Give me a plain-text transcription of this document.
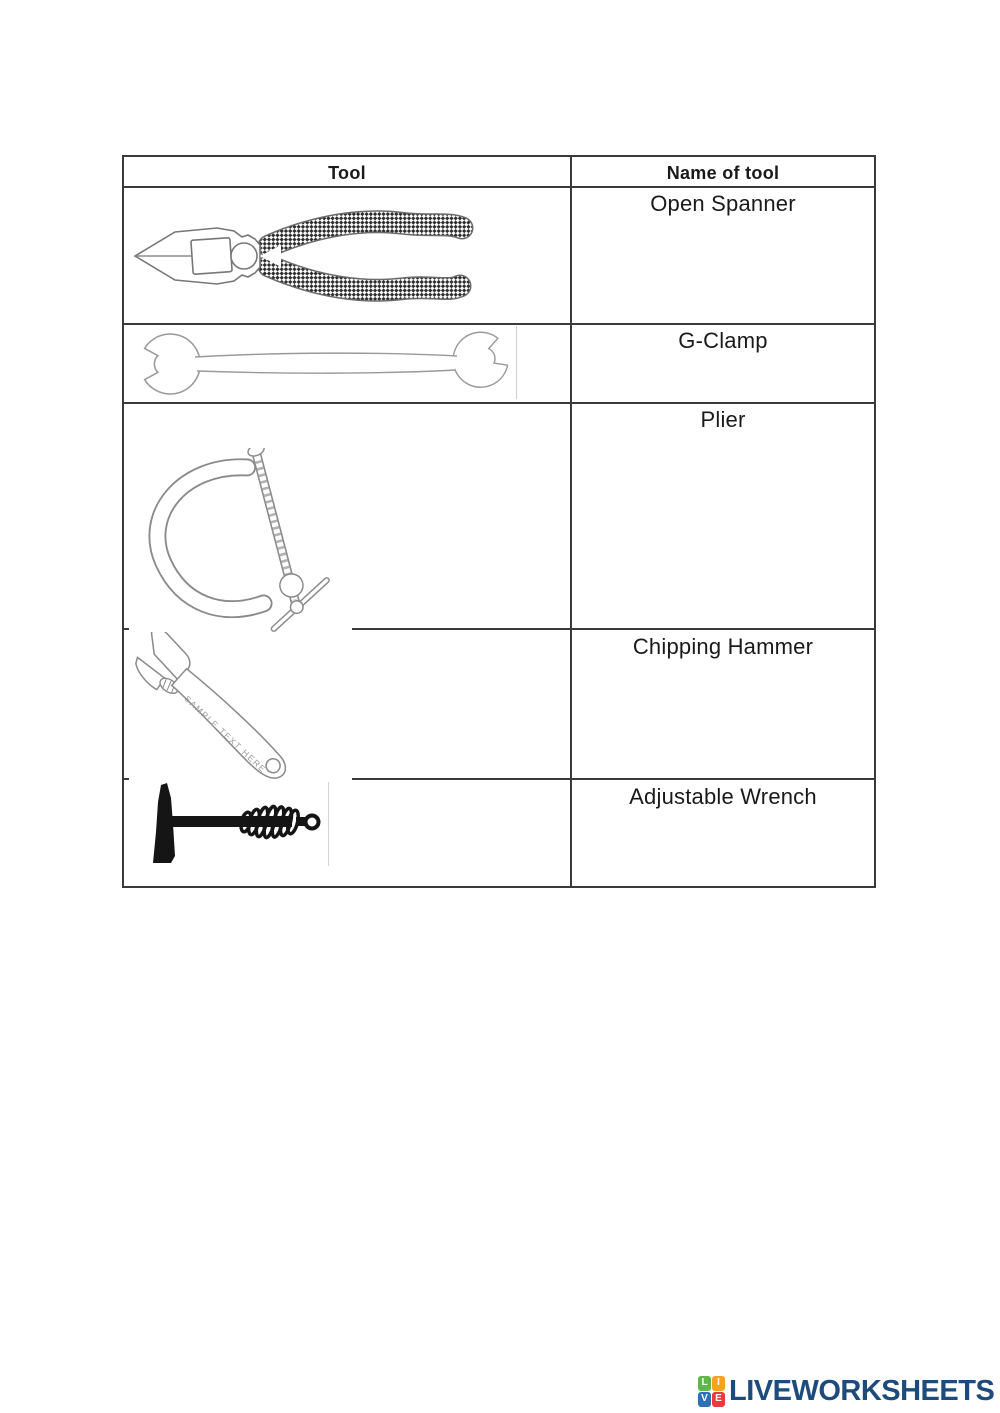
Tool	Name of tool
Open Spanner
G-Clamp
Plier
Chipping Hammer
Adjustable Wrench
SAMPLE TEXT HERE
L I
V E LIVEWORKSHEETS
